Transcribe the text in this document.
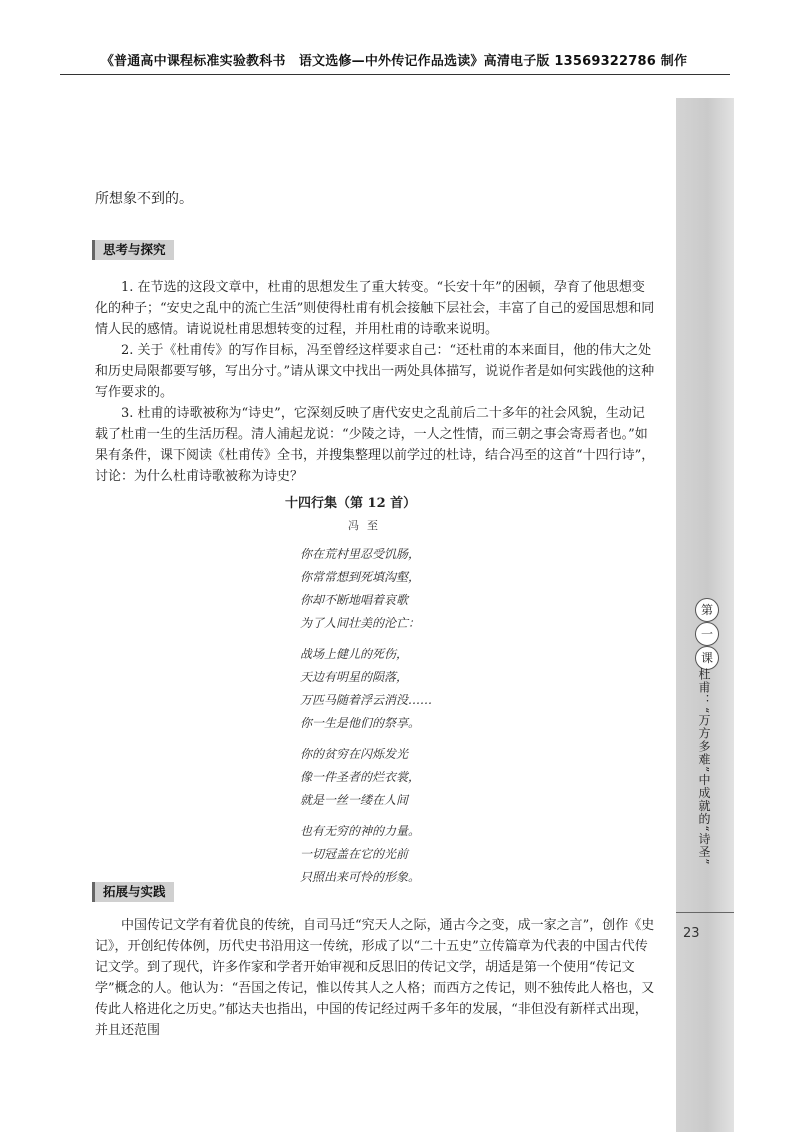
《普通高中课程标准实验教科书　语文选修—中外传记作品选读》高清电子版 13569322786 制作
第
一
课
杜甫：“万方多难”中成就的“诗圣”
23
所想象不到的。
思考与探究

1. 在节选的这段文章中，杜甫的思想发生了重大转变。“长安十年”的困顿，孕育了他思想变化的种子；“安史之乱中的流亡生活”则使得杜甫有机会接触下层社会，丰富了自己的爱国思想和同情人民的感情。请说说杜甫思想转变的过程，并用杜甫的诗歌来说明。

2. 关于《杜甫传》的写作目标，冯至曾经这样要求自己：“还杜甫的本来面目，他的伟大之处和历史局限都要写够，写出分寸。”请从课文中找出一两处具体描写，说说作者是如何实践他的这种写作要求的。

3. 杜甫的诗歌被称为“诗史”，它深刻反映了唐代安史之乱前后二十多年的社会风貌，生动记载了杜甫一生的生活历程。清人浦起龙说：“少陵之诗，一人之性情，而三朝之事会寄焉者也。”如果有条件，课下阅读《杜甫传》全书，并搜集整理以前学过的杜诗，结合冯至的这首“十四行诗”，讨论：为什么杜甫诗歌被称为诗史？

十四行集（第 12 首）
冯至
你在荒村里忍受饥肠，
你常常想到死填沟壑，
你却不断地唱着哀歌
为了人间壮美的沦亡：
战场上健儿的死伤，
天边有明星的陨落，
万匹马随着浮云消没……
你一生是他们的祭享。
你的贫穷在闪烁发光
像一件圣者的烂衣裳，
就是一丝一缕在人间
也有无穷的神的力量。
一切冠盖在它的光前
只照出来可怜的形象。
拓展与实践

中国传记文学有着优良的传统，自司马迁“究天人之际，通古今之变，成一家之言”，创作《史记》，开创纪传体例，历代史书沿用这一传统，形成了以“二十五史”立传篇章为代表的中国古代传记文学。到了现代，许多作家和学者开始审视和反思旧的传记文学，胡适是第一个使用“传记文学”概念的人。他认为：“吾国之传记，惟以传其人之人格；而西方之传记，则不独传此人格也，又传此人格进化之历史。”郁达夫也指出，中国的传记经过两千多年的发展，“非但没有新样式出现，并且还范围
